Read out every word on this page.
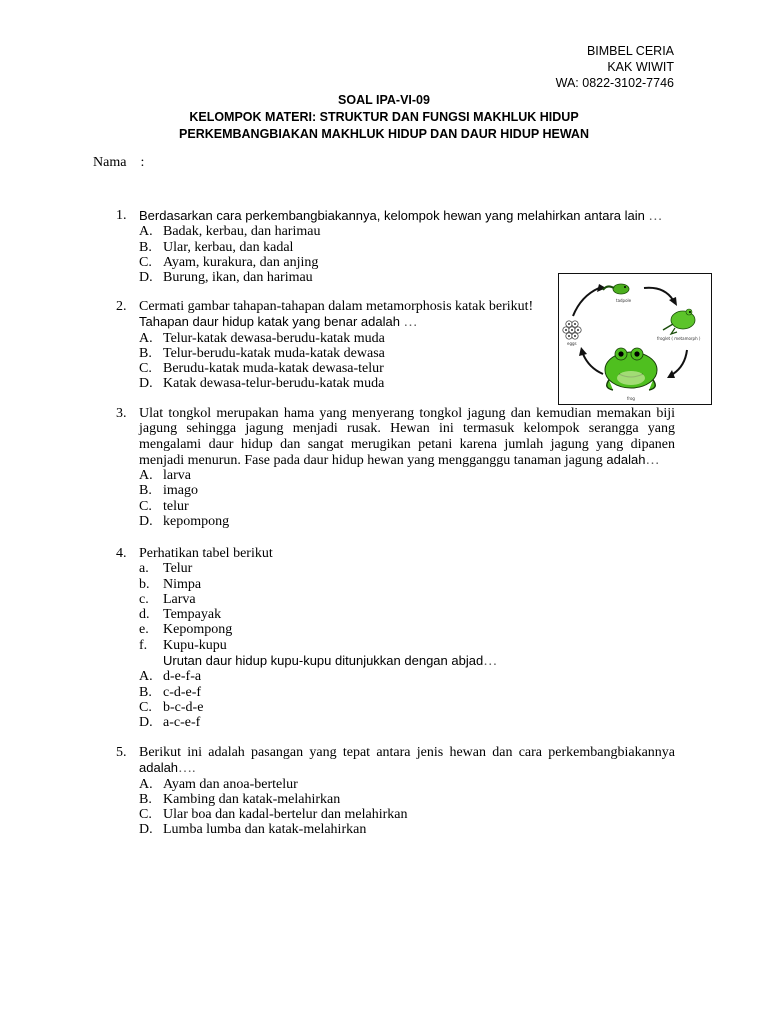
BIMBEL CERIA
KAK WIWIT
WA: 0822-3102-7746
SOAL IPA-VI-09
KELOMPOK MATERI: STRUKTUR DAN FUNGSI MAKHLUK HIDUP
PERKEMBANGBIAKAN MAKHLUK HIDUP DAN DAUR HIDUP HEWAN
Nama :
1. Berdasarkan cara perkembangbiakannya, kelompok hewan yang melahirkan antara lain …
A. Badak, kerbau, dan harimau
B. Ular, kerbau, dan kadal
C. Ayam, kurakura, dan anjing
D. Burung, ikan, dan harimau
2. Cermati gambar tahapan-tahapan dalam metamorphosis katak berikut!
Tahapan daur hidup katak yang benar adalah …
A. Telur-katak dewasa-berudu-katak muda
B. Telur-berudu-katak muda-katak dewasa
C. Berudu-katak muda-katak dewasa-telur
D. Katak dewasa-telur-berudu-katak muda
tadpole
froglet ( metamorph )
eggs
frog
3. Ulat tongkol merupakan hama yang menyerang tongkol jagung dan kemudian memakan biji jagung sehingga jagung menjadi rusak. Hewan ini termasuk kelompok serangga yang mengalami daur hidup dan sangat merugikan petani karena jumlah jagung yang dipanen menjadi menurun. Fase pada daur hidup hewan yang mengganggu tanaman jagung adalah…
A. larva
B. imago
C. telur
D. kepompong
4. Perhatikan tabel berikut
a.	Telur
b. Nimpa
c.	Larva
d. Tempayak
e.	Kepompong
f.	Kupu-kupu
Urutan daur hidup kupu-kupu ditunjukkan dengan abjad…
A. d-e-f-a
B. c-d-e-f
C. b-c-d-e
D. a-c-e-f
5. Berikut ini adalah pasangan yang tepat antara jenis hewan dan cara perkembangbiakannya
adalah….
A. Ayam dan anoa-bertelur
B. Kambing dan katak-melahirkan
C. Ular boa dan kadal-bertelur dan melahirkan
D. Lumba lumba dan katak-melahirkan
